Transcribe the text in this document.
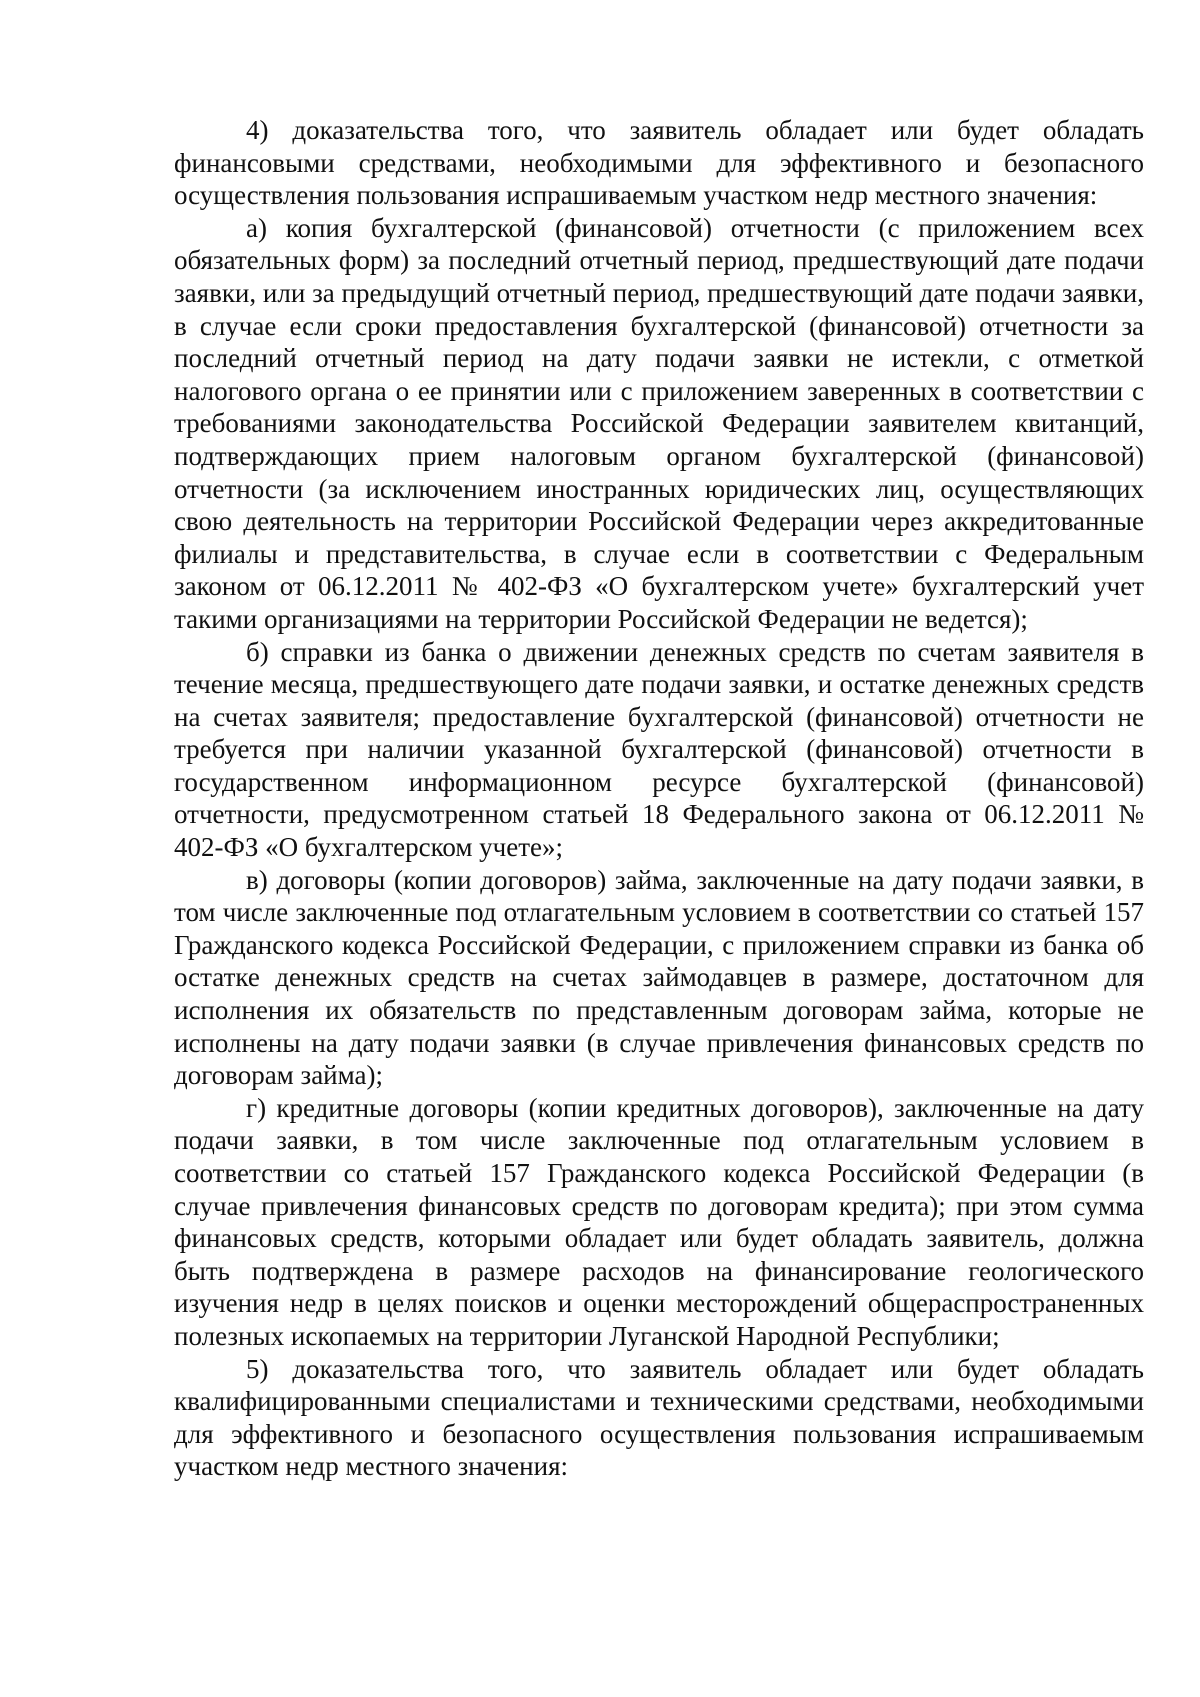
4) доказательства того, что заявитель обладает или будет обладать финансовыми средствами, необходимыми для эффективного и безопасного осуществления пользования испрашиваемым участком недр местного значения:

а) копия бухгалтерской (финансовой) отчетности (с приложением всех обязательных форм) за последний отчетный период, предшествующий дате подачи заявки, или за предыдущий отчетный период, предшествующий дате подачи заявки, в случае если сроки предоставления бухгалтерской (финансовой) отчетности за последний отчетный период на дату подачи заявки не истекли, с отметкой налогового органа о ее принятии или с приложением заверенных в соответствии с требованиями законодательства Российской Федерации заявителем квитанций, подтверждающих прием налоговым органом бухгалтерской (финансовой) отчетности (за исключением иностранных юридических лиц, осуществляющих свою деятельность на территории Российской Федерации через аккредитованные филиалы и представительства, в случае если в соответствии с Федеральным законом от 06.12.2011 № 402-ФЗ «О бухгалтерском учете» бухгалтерский учет такими организациями на территории Российской Федерации не ведется);

б) справки из банка о движении денежных средств по счетам заявителя в течение месяца, предшествующего дате подачи заявки, и остатке денежных средств на счетах заявителя; предоставление бухгалтерской (финансовой) отчетности не требуется при наличии указанной бухгалтерской (финансовой) отчетности в государственном информационном ресурсе бухгалтерской (финансовой) отчетности, предусмотренном статьей 18 Федерального закона от 06.12.2011 № 402-ФЗ «О бухгалтерском учете»;

в) договоры (копии договоров) займа, заключенные на дату подачи заявки, в том числе заключенные под отлагательным условием в соответствии со статьей 157 Гражданского кодекса Российской Федерации, с приложением справки из банка об остатке денежных средств на счетах займодавцев в размере, достаточном для исполнения их обязательств по представленным договорам займа, которые не исполнены на дату подачи заявки (в случае привлечения финансовых средств по договорам займа);

г) кредитные договоры (копии кредитных договоров), заключенные на дату подачи заявки, в том числе заключенные под отлагательным условием в соответствии со статьей 157 Гражданского кодекса Российской Федерации (в случае привлечения финансовых средств по договорам кредита); при этом сумма финансовых средств, которыми обладает или будет обладать заявитель, должна быть подтверждена в размере расходов на финансирование геологического изучения недр в целях поисков и оценки месторождений общераспространенных полезных ископаемых на территории Луганской Народной Республики;

5) доказательства того, что заявитель обладает или будет обладать квалифицированными специалистами и техническими средствами, необходимыми для эффективного и безопасного осуществления пользования испрашиваемым участком недр местного значения:
